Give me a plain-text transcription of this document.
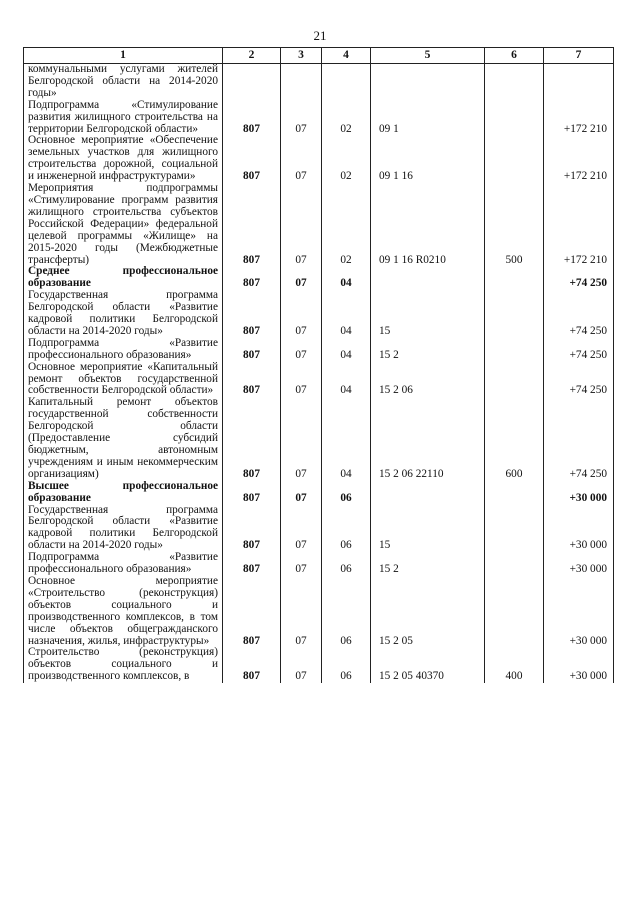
21
1	2	3	4	5	6	7
коммунальными услугами жителей Белгородской области на 2014-2020 годы»						
Подпрограмма «Стимулирование развития жилищного строительства на территории Белгородской области»	807	07	02	09 1		+172 210
Основное мероприятие «Обеспечение земельных участков для жилищного строительства дорожной, социальной и инженерной инфраструктурами»	807	07	02	09 1 16		+172 210
Мероприятия подпрограммы «Стимулирование программ развития жилищного строительства субъектов Российской Федерации» федеральной целевой программы «Жилище» на 2015-2020 годы (Межбюджетные трансферты)	807	07	02	09 1 16 R0210	500	+172 210
Среднее профессиональное образование	807	07	04			+74 250
Государственная программа Белгородской области «Развитие кадровой политики Белгородской области на 2014-2020 годы»	807	07	04	15		+74 250
Подпрограмма «Развитие профессионального образования»	807	07	04	15 2		+74 250
Основное мероприятие «Капитальный ремонт объектов государственной собственности Белгородской области»	807	07	04	15 2 06		+74 250
Капитальный ремонт объектов государственной собственности Белгородской области (Предоставление субсидий бюджетным, автономным учреждениям и иным некоммерческим организациям)	807	07	04	15 2 06 22110	600	+74 250
Высшее профессиональное образование	807	07	06			+30 000
Государственная программа Белгородской области «Развитие кадровой политики Белгородской области на 2014-2020 годы»	807	07	06	15		+30 000
Подпрограмма «Развитие профессионального образования»	807	07	06	15 2		+30 000
Основное мероприятие «Строительство (реконструкция) объектов социального и производственного комплексов, в том числе объектов общегражданского назначения, жилья, инфраструктуры»	807	07	06	15 2 05		+30 000
Строительство (реконструкция) объектов социального и производственного комплексов, в	807	07	06	15 2 05 40370	400	+30 000
